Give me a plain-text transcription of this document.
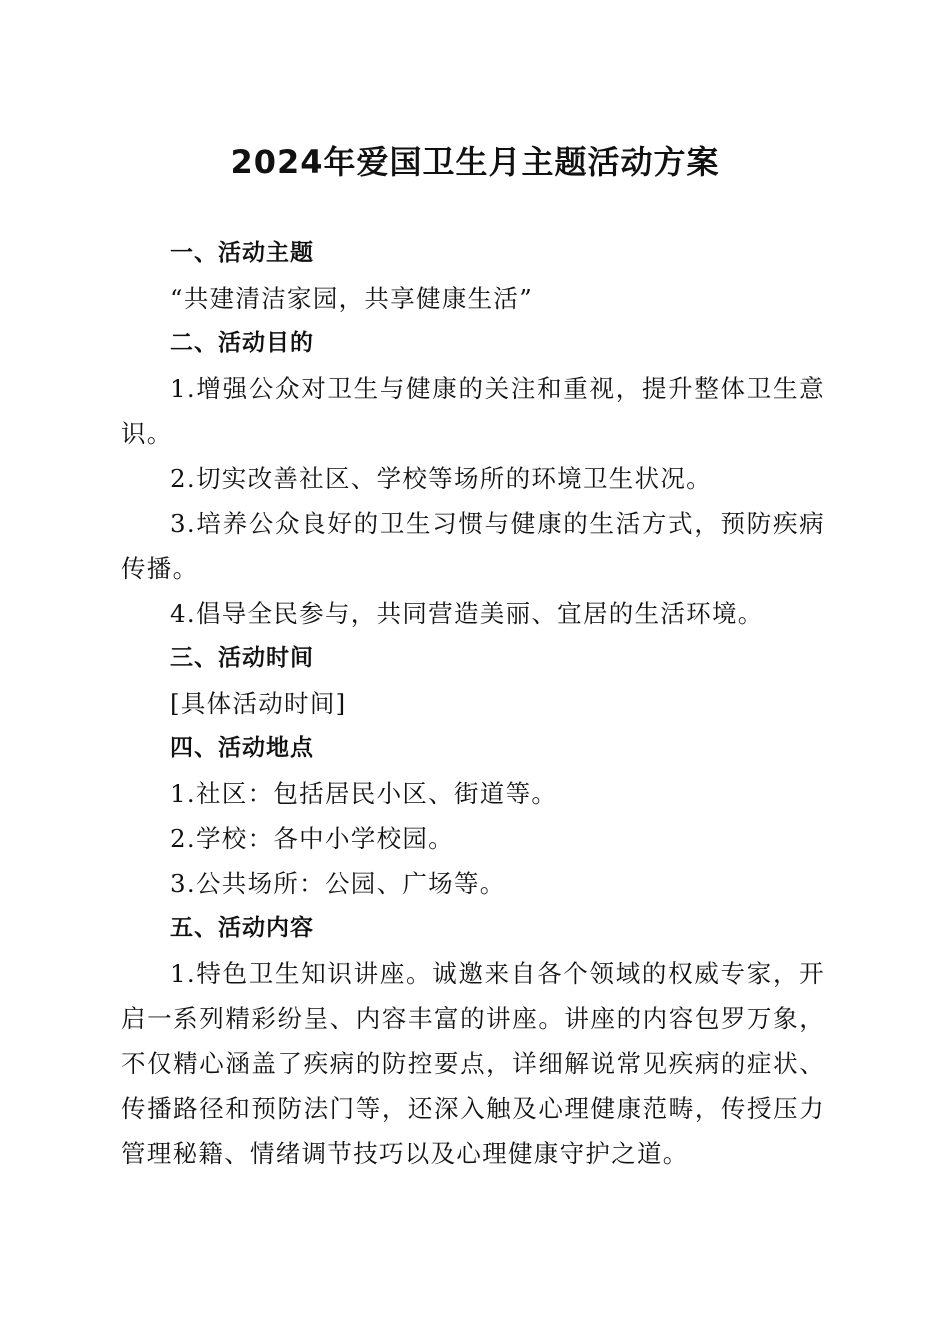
2024年爱国卫生月主题活动方案
一、活动主题

“共建清洁家园，共享健康生活”

二、活动目的

1.增强公众对卫生与健康的关注和重视，提升整体卫生意识。

2.切实改善社区、学校等场所的环境卫生状况。

3.培养公众良好的卫生习惯与健康的生活方式，预防疾病传播。

4.倡导全民参与，共同营造美丽、宜居的生活环境。

三、活动时间

[具体活动时间]

四、活动地点

1.社区：包括居民小区、街道等。

2.学校：各中小学校园。

3.公共场所：公园、广场等。

五、活动内容

1.特色卫生知识讲座。诚邀来自各个领域的权威专家，开启一系列精彩纷呈、内容丰富的讲座。讲座的内容包罗万象，不仅精心涵盖了疾病的防控要点，详细解说常见疾病的症状、传播路径和预防法门等，还深入触及心理健康范畴，传授压力管理秘籍、情绪调节技巧以及心理健康守护之道。
